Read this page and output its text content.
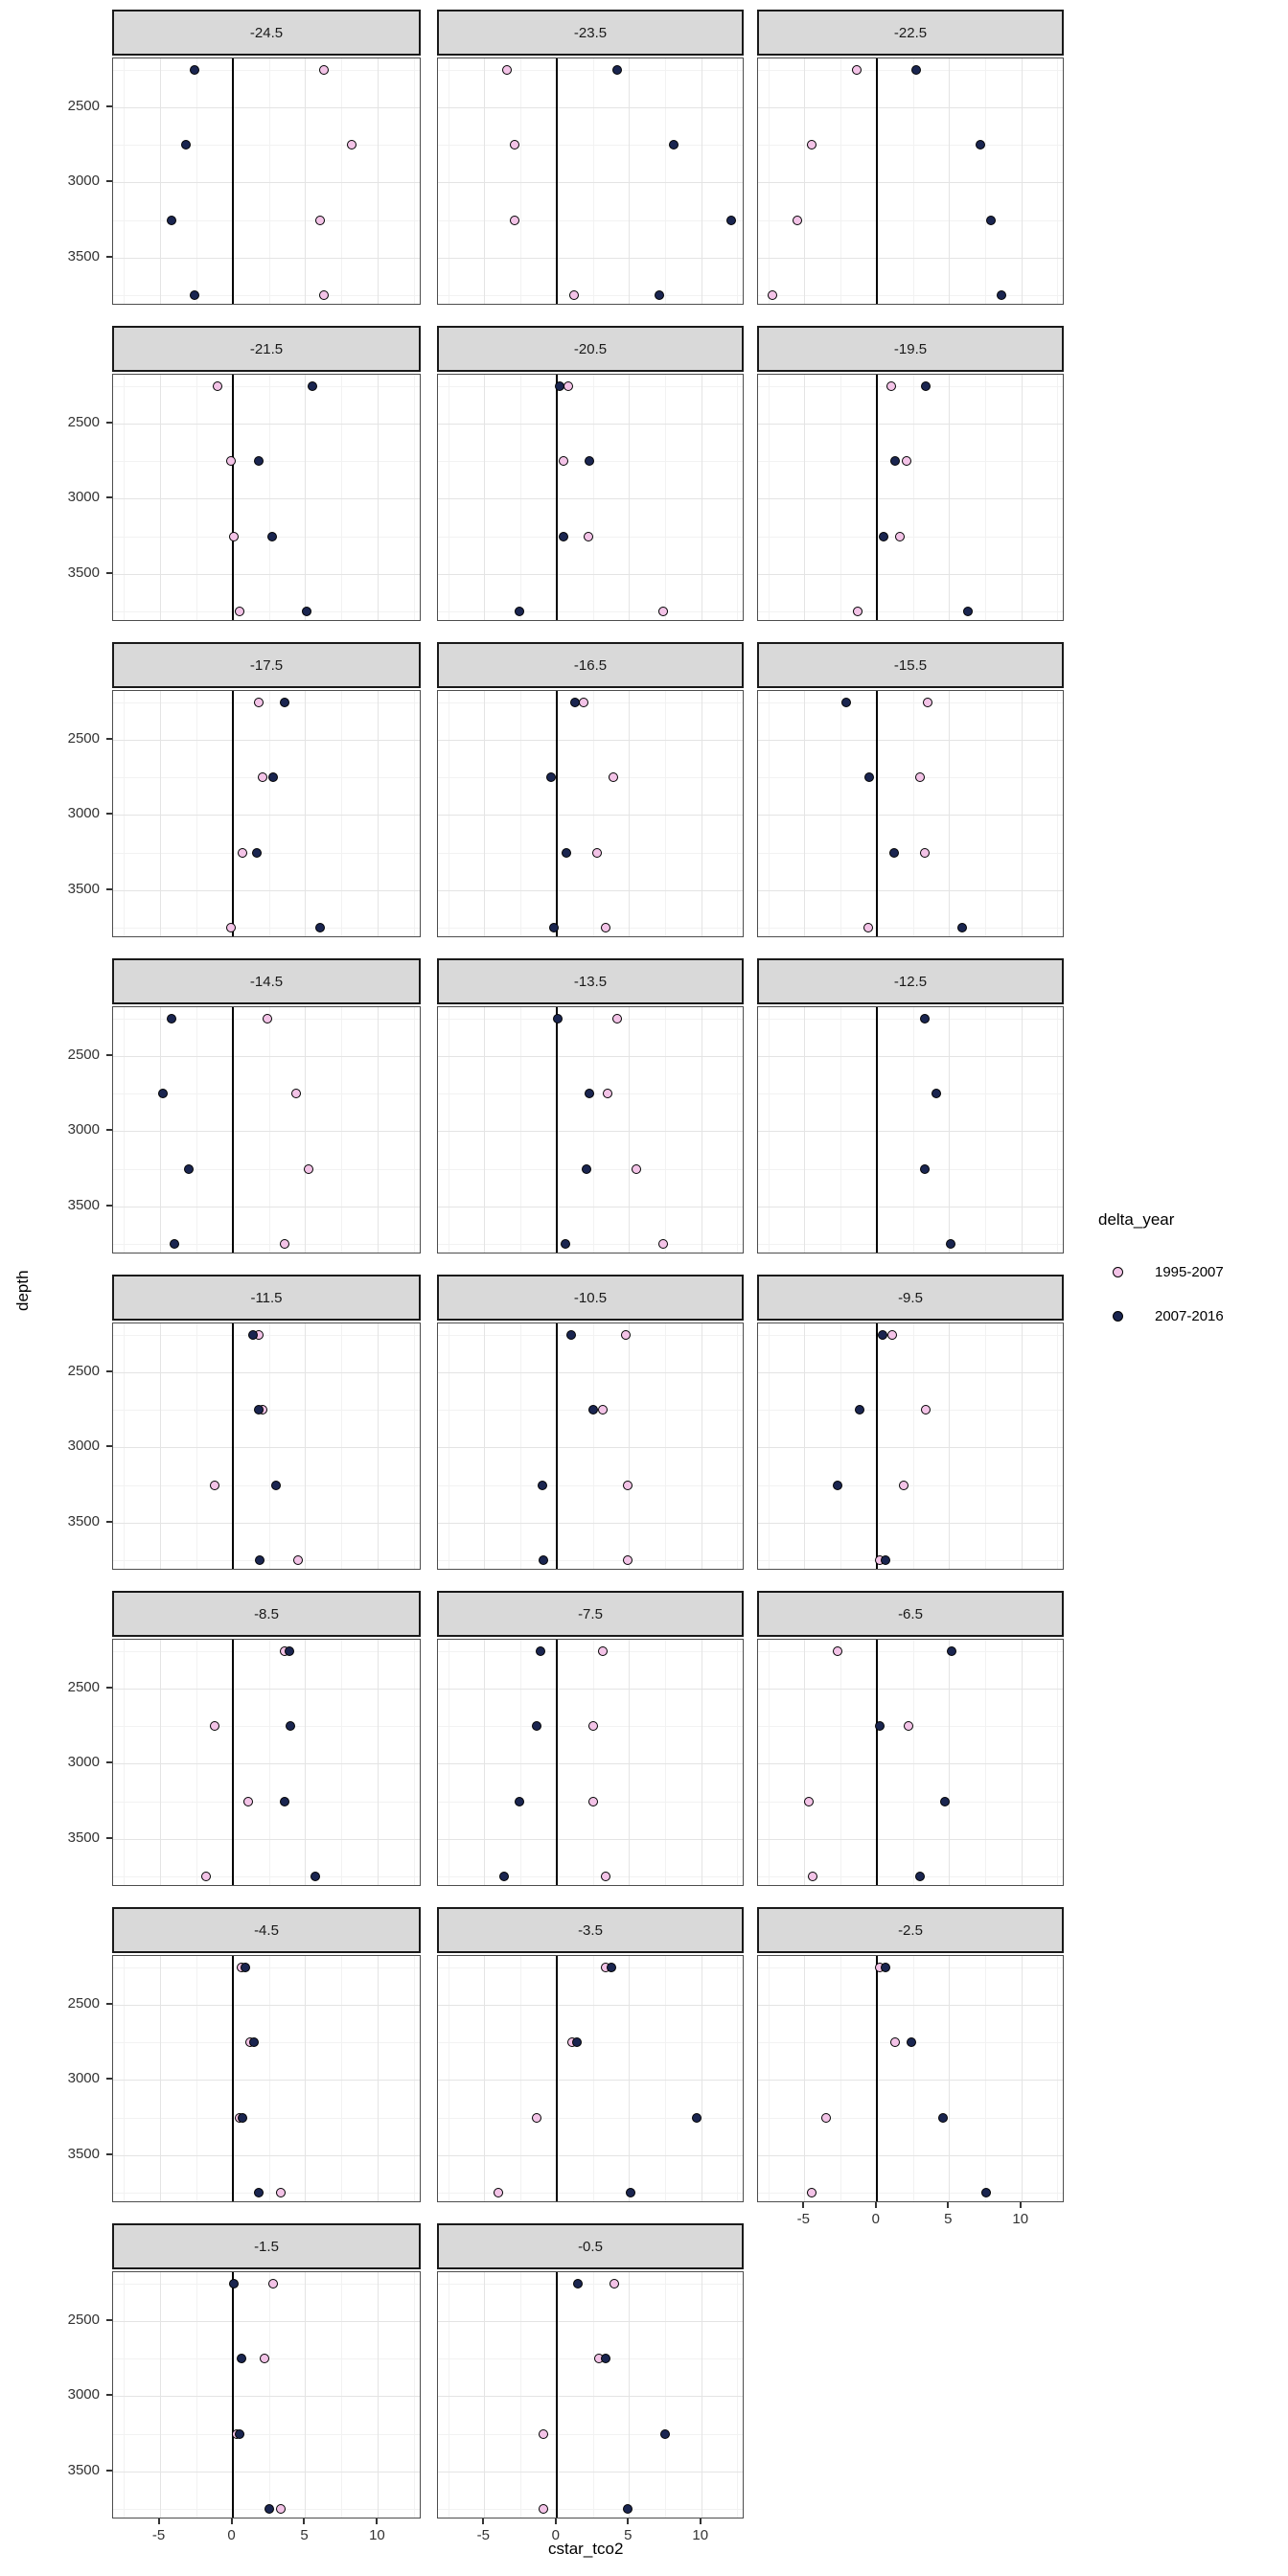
-24.5
2500
3000
3500
-23.5	-22.5
-21.5
2500
3000
3500
-20.5	-19.5
-17.5
2500
3000
3500
-16.5	-15.5
-14.5
2500
3000
3500
-13.5	-12.5
-11.5
2500
3000
3500
-10.5	-9.5
-8.5
2500
3000
3500
-7.5	-6.5
-4.5
2500
3000
3500
-3.5	-2.5
-5	0	5	10
-1.5
2500
3000
3500
-5	0	5	10
-0.5
-5	0	5	10
cstar_tco2
depth
delta_year
1995-2007
2007-2016
